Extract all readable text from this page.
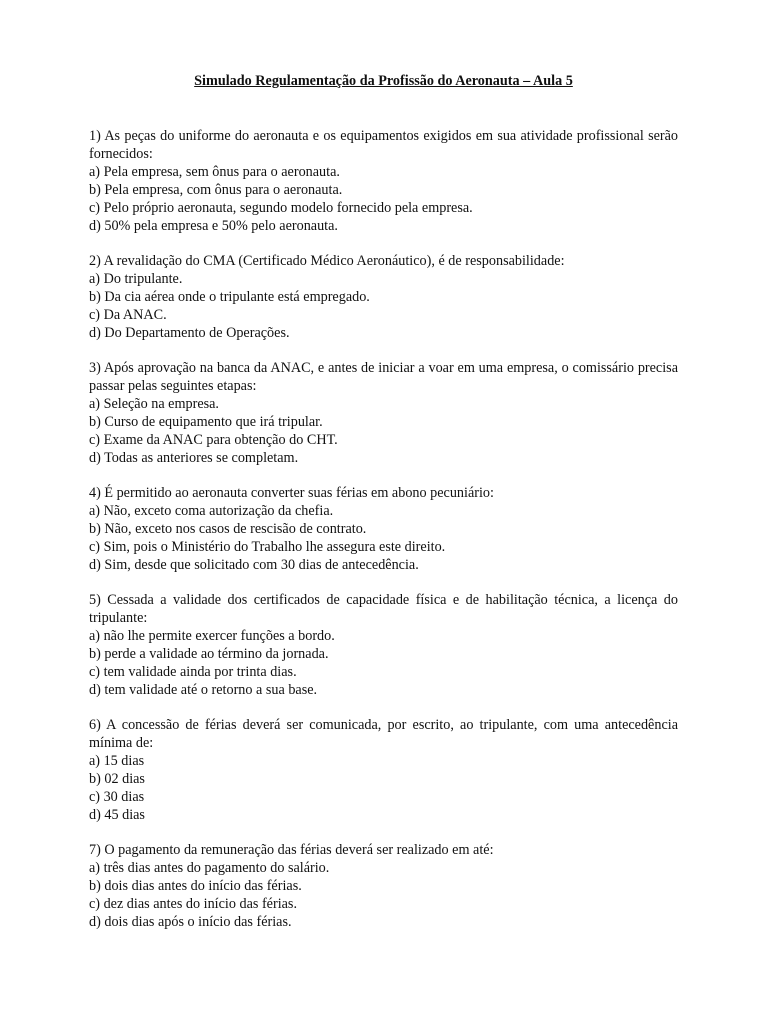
Simulado Regulamentação da Profissão do Aeronauta – Aula 5

1) As peças do uniforme do aeronauta e os equipamentos exigidos em sua atividade profissional serão fornecidos:

a) Pela empresa, sem ônus para o aeronauta.

b) Pela empresa, com ônus para o aeronauta.

c) Pelo próprio aeronauta, segundo modelo fornecido pela empresa.

d) 50% pela empresa e 50% pelo aeronauta.

2) A revalidação do CMA (Certificado Médico Aeronáutico), é de responsabilidade:

a) Do tripulante.

b) Da cia aérea onde o tripulante está empregado.

c) Da ANAC.

d) Do Departamento de Operações.

3) Após aprovação na banca da ANAC, e antes de iniciar a voar em uma empresa, o comissário precisa passar pelas seguintes etapas:

a) Seleção na empresa.

b) Curso de equipamento que irá tripular.

c) Exame da ANAC para obtenção do CHT.

d) Todas as anteriores se completam.

4) É permitido ao aeronauta converter suas férias em abono pecuniário:

a) Não, exceto coma autorização da chefia.

b) Não, exceto nos casos de rescisão de contrato.

c) Sim, pois o Ministério do Trabalho lhe assegura este direito.

d) Sim, desde que solicitado com 30 dias de antecedência.

5) Cessada a validade dos certificados de capacidade física e de habilitação técnica, a licença do tripulante:

a) não lhe permite exercer funções a bordo.

b) perde a validade ao término da jornada.

c) tem validade ainda por trinta dias.

d) tem validade até o retorno a sua base.

6) A concessão de férias deverá ser comunicada, por escrito, ao tripulante, com uma antecedência mínima de:

a) 15 dias

b) 02 dias

c) 30 dias

d) 45 dias

7) O pagamento da remuneração das férias deverá ser realizado em até:

a) três dias antes do pagamento do salário.

b) dois dias antes do início das férias.

c) dez dias antes do início das férias.

d) dois dias após o início das férias.
